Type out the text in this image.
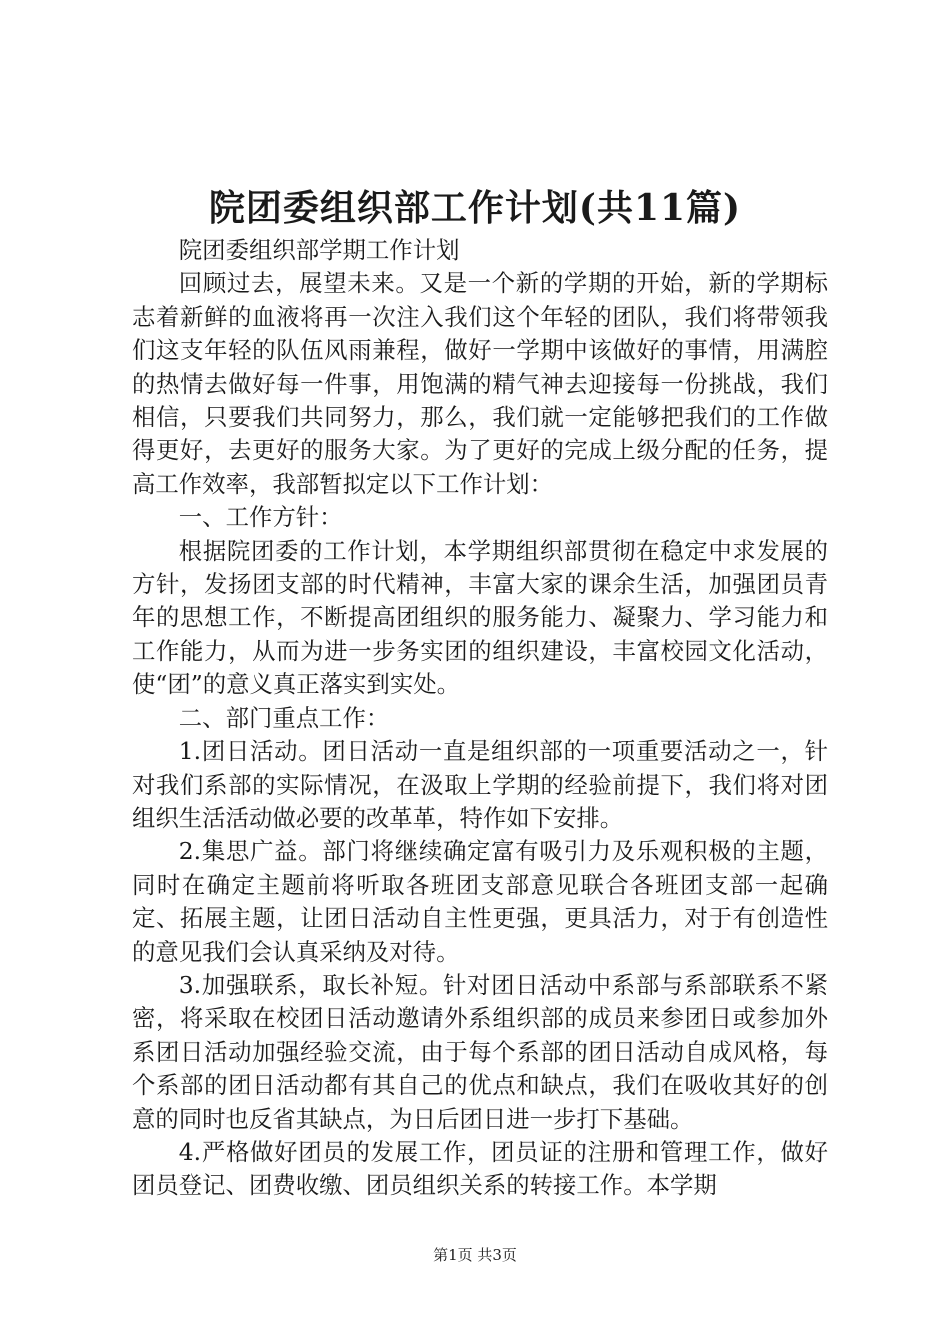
院团委组织部工作计划(共11篇)

院团委组织部学期工作计划

回顾过去，展望未来。又是一个新的学期的开始，新的学期标志着新鲜的血液将再一次注入我们这个年轻的团队，我们将带领我们这支年轻的队伍风雨兼程，做好一学期中该做好的事情，用满腔的热情去做好每一件事，用饱满的精气神去迎接每一份挑战，我们相信，只要我们共同努力，那么，我们就一定能够把我们的工作做得更好，去更好的服务大家。为了更好的完成上级分配的任务，提高工作效率，我部暂拟定以下工作计划：

一、工作方针：

根据院团委的工作计划，本学期组织部贯彻在稳定中求发展的方针，发扬团支部的时代精神，丰富大家的课余生活，加强团员青年的思想工作，不断提高团组织的服务能力、凝聚力、学习能力和工作能力，从而为进一步务实团的组织建设，丰富校园文化活动，使“团”的意义真正落实到实处。

二、部门重点工作：

1.团日活动。团日活动一直是组织部的一项重要活动之一，针对我们系部的实际情况，在汲取上学期的经验前提下，我们将对团组织生活活动做必要的改革革，特作如下安排。

2.集思广益。部门将继续确定富有吸引力及乐观积极的主题，同时在确定主题前将听取各班团支部意见联合各班团支部一起确定、拓展主题，让团日活动自主性更强，更具活力，对于有创造性的意见我们会认真采纳及对待。

3.加强联系，取长补短。针对团日活动中系部与系部联系不紧密，将采取在校团日活动邀请外系组织部的成员来参团日或参加外系团日活动加强经验交流，由于每个系部的团日活动自成风格，每个系部的团日活动都有其自己的优点和缺点，我们在吸收其好的创意的同时也反省其缺点，为日后团日进一步打下基础。

4.严格做好团员的发展工作，团员证的注册和管理工作，做好团员登记、团费收缴、团员组织关系的转接工作。本学期

第1页 共3页
